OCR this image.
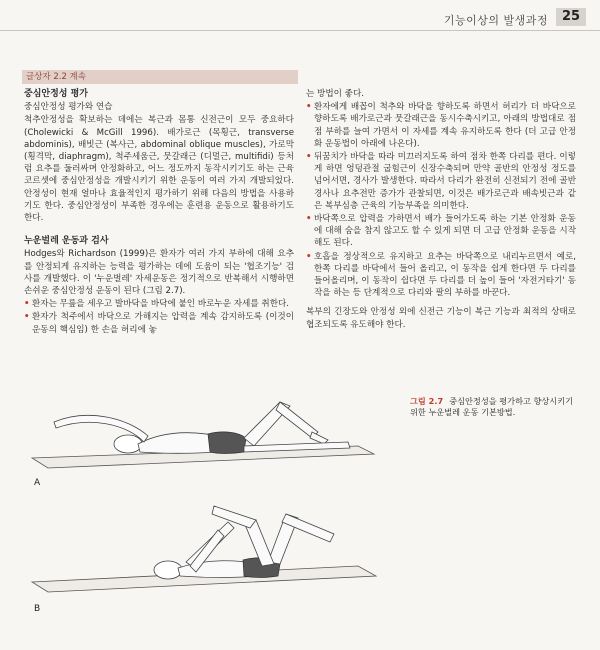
기능이상의 발생과정	25
글상자 2.2 계속
중심안정성 평가

중심안정성 평가와 연습

척추안정성을 확보하는 데에는 복근과 몸통 신전근이 모두 중요하다 (Cholewicki & McGill 1996). 배가로근 (목횡근, transverse abdominis), 배빗근 (복사근, abdominal oblique muscles), 가로막 (횡격막, diaphragm), 척주세움근, 뭇갈래근 (디멀근, multifidi) 등처럼 요추를 둘러싸며 안정화하고, 어느 정도까지 동작시키기도 하는 근육 코르셋에 중심안정성을 개발시키기 위한 운동이 여러 가지 개발되었다. 안정성이 현재 얼마나 효율적인지 평가하기 위해 다음의 방법을 사용하기도 한다. 중심안정성이 부족한 경우에는 훈련용 운동으로 활용하기도 한다.

누운벌레 운동과 검사

Hodges와 Richardson (1999)은 환자가 여러 가지 부하에 대해 요추를 안정되게 유지하는 능력을 평가하는 데에 도움이 되는 '협조기능' 검사를 개발했다. 이 '누운벌레' 자세운동은 정기적으로 반복해서 시행하면 손쉬운 중심안정성 운동이 된다 (그림 2.7).

• 환자는 무릎을 세우고 발바닥을 바닥에 붙인 바로누운 자세를 취한다.
• 환자가 척주에서 바닥으로 가해지는 압력을 계속 감지하도록 (이것이 운동의 핵심임) 한 손을 허리에 놓

는 방법이 좋다.

• 환자에게 배꼽이 척추와 바닥을 향하도록 하면서 허리가 더 바닥으로 향하도록 배가로근과 뭇갈래근을 동시수축시키고, 아래의 방법대로 점점 부하를 늘여 가면서 이 자세를 계속 유지하도록 한다 (더 고급 안정화 운동법이 아래에 나온다).
• 뒤꿈치가 바닥을 따라 미끄러지도록 하여 점차 한쪽 다리를 편다. 이렇게 하면 엉덩관절 굽힘근이 신장수축되며 만약 골반의 안정성 정도를 넘어서면, 경사가 발생한다. 따라서 다리가 완전히 신전되기 전에 골반경사나 요추전만 증가가 관찰되면, 이것은 배가로근과 배속빗근과 같은 복부심층 근육의 기능부족을 의미한다.
• 바닥쪽으로 압력을 가하면서 배가 들어가도록 하는 기본 안정화 운동에 대해 숨을 참지 않고도 할 수 있게 되면 더 고급 안정화 운동을 시작해도 된다.
• 호흡을 정상적으로 유지하고 요추는 바닥쪽으로 내리누르면서 예로, 한쪽 다리를 바닥에서 들어 올리고, 이 동작을 쉽게 한다면 두 다리를 들어올리며, 이 동작이 쉽다면 두 다리를 더 높이 들어 '자전거타기' 동작을 하는 등 단계적으로 다리와 팔의 부하를 바꾼다.

복부의 긴장도와 안정성 외에 신전근 기능이 복근 기능과 최적의 상태로 협조되도록 유도해야 한다.

A
B
그림 2.7 중심안정성을 평가하고 향상시키기 위한 누운벌레 운동 기본방법.
